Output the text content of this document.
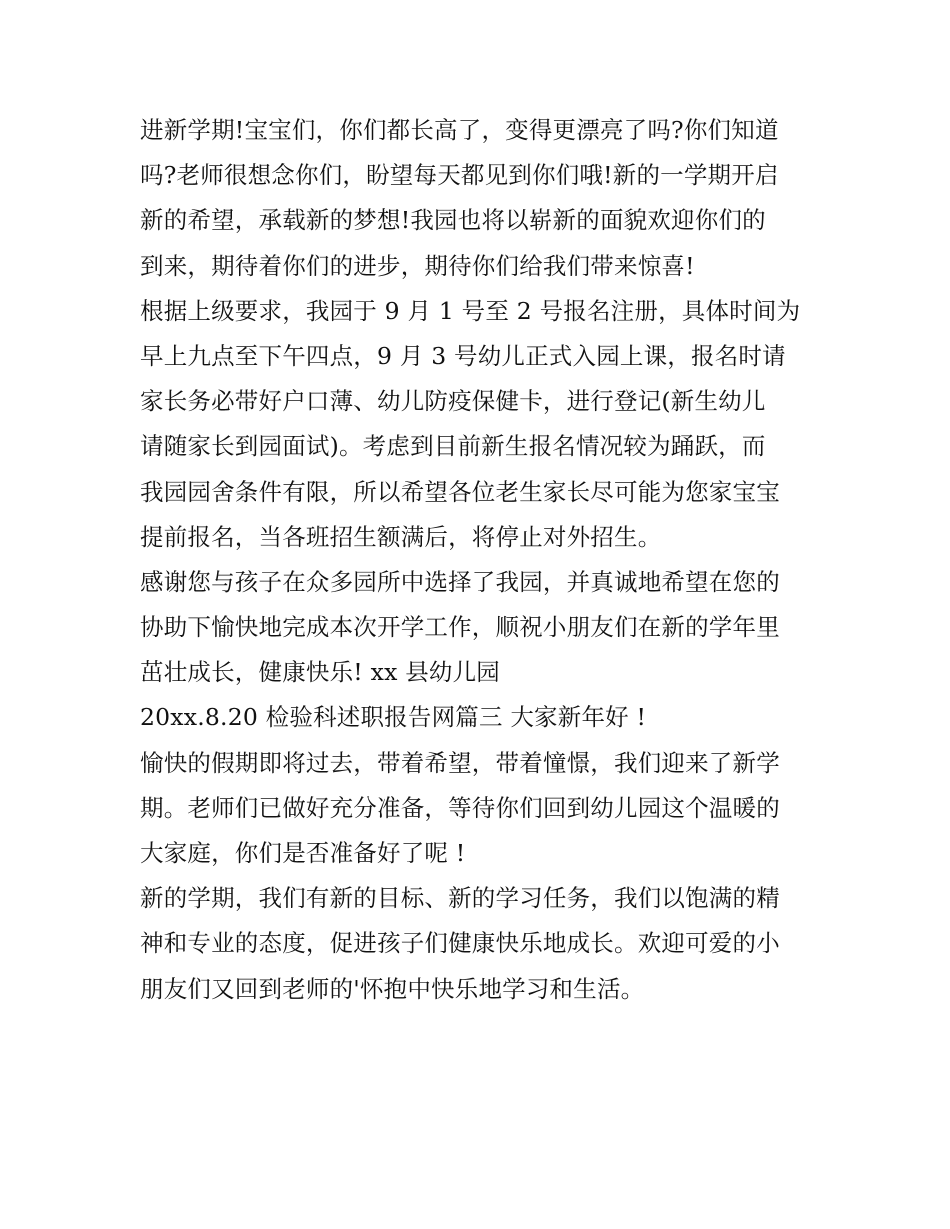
进新学期!宝宝们，你们都长高了，变得更漂亮了吗?你们知道
吗?老师很想念你们，盼望每天都见到你们哦!新的一学期开启
新的希望，承载新的梦想!我园也将以崭新的面貌欢迎你们的
到来，期待着你们的进步，期待你们给我们带来惊喜!
根据上级要求，我园于 9 月 1 号至 2 号报名注册，具体时间为
早上九点至下午四点，9 月 3 号幼儿正式入园上课，报名时请
家长务必带好户口薄、幼儿防疫保健卡，进行登记(新生幼儿
请随家长到园面试)。考虑到目前新生报名情况较为踊跃，而
我园园舍条件有限，所以希望各位老生家长尽可能为您家宝宝
提前报名，当各班招生额满后，将停止对外招生。
感谢您与孩子在众多园所中选择了我园，并真诚地希望在您的
协助下愉快地完成本次开学工作，顺祝小朋友们在新的学年里
茁壮成长，健康快乐! xx 县幼儿园
20xx.8.20 检验科述职报告网篇三 大家新年好 !
愉快的假期即将过去，带着希望，带着憧憬，我们迎来了新学
期。老师们已做好充分准备，等待你们回到幼儿园这个温暖的
大家庭，你们是否准备好了呢 !
新的学期，我们有新的目标、新的学习任务，我们以饱满的精
神和专业的态度，促进孩子们健康快乐地成长。欢迎可爱的小
朋友们又回到老师的'怀抱中快乐地学习和生活。
